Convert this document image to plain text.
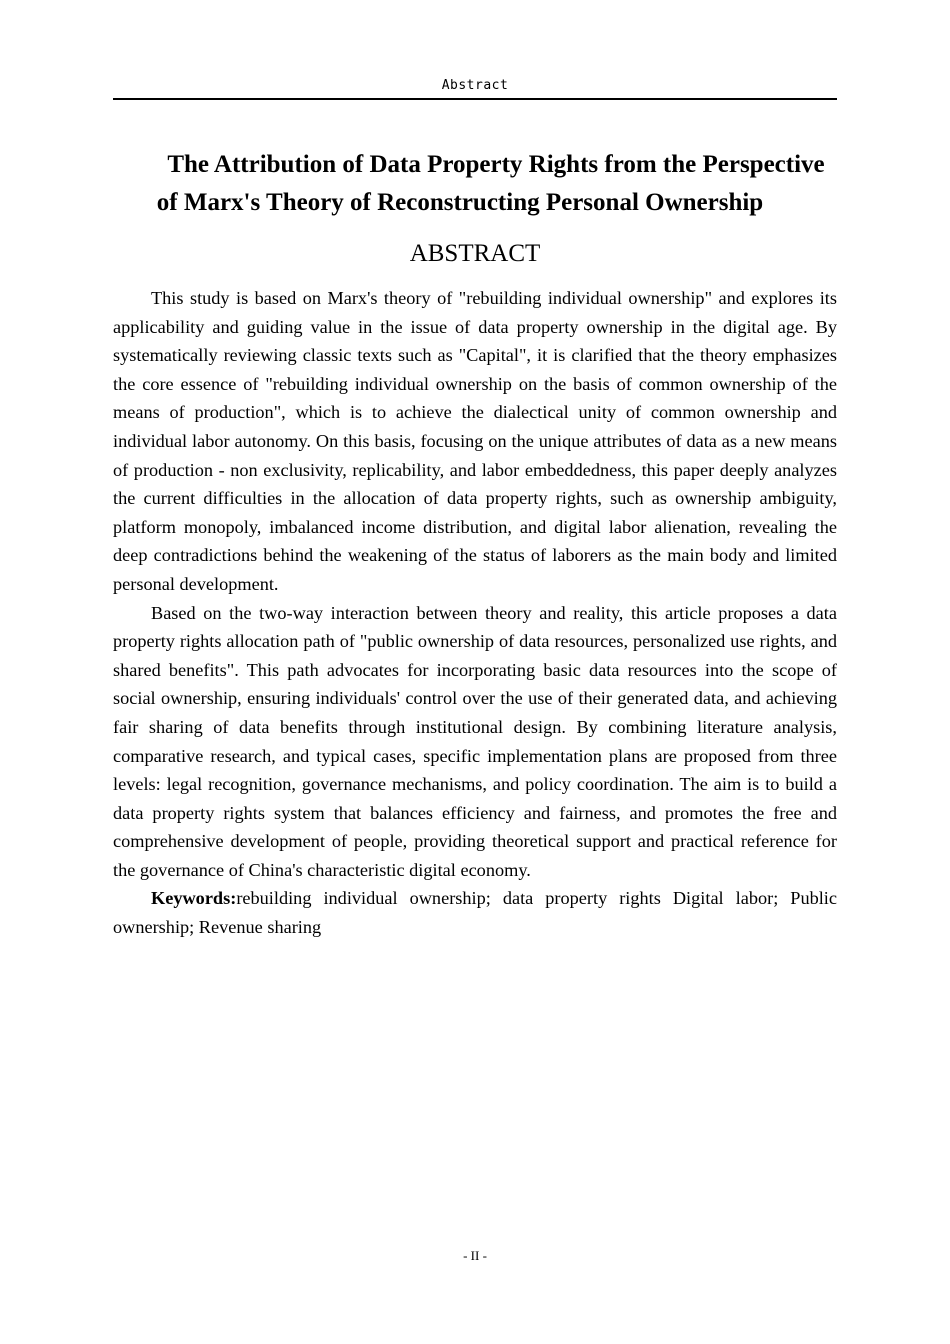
Abstract
The Attribution of Data Property Rights from the Perspective
of Marx's Theory of Reconstructing Personal Ownership
ABSTRACT

This study is based on Marx's theory of "rebuilding individual ownership" and explores its applicability and guiding value in the issue of data property ownership in the digital age. By systematically reviewing classic texts such as "Capital", it is clarified that the theory emphasizes the core essence of "rebuilding individual ownership on the basis of common ownership of the means of production", which is to achieve the dialectical unity of common ownership and individual labor autonomy. On this basis, focusing on the unique attributes of data as a new means of production - non exclusivity, replicability, and labor embeddedness, this paper deeply analyzes the current difficulties in the allocation of data property rights, such as ownership ambiguity, platform monopoly, imbalanced income distribution, and digital labor alienation, revealing the deep contradictions behind the weakening of the status of laborers as the main body and limited personal development.

Based on the two-way interaction between theory and reality, this article proposes a data property rights allocation path of "public ownership of data resources, personalized use rights, and shared benefits". This path advocates for incorporating basic data resources into the scope of social ownership, ensuring individuals' control over the use of their generated data, and achieving fair sharing of data benefits through institutional design. By combining literature analysis, comparative research, and typical cases, specific implementation plans are proposed from three levels: legal recognition, governance mechanisms, and policy coordination. The aim is to build a data property rights system that balances efficiency and fairness, and promotes the free and comprehensive development of people, providing theoretical support and practical reference for the governance of China's characteristic digital economy.

Keywords:rebuilding individual ownership; data property rights Digital labor; Public ownership; Revenue sharing

- II -
